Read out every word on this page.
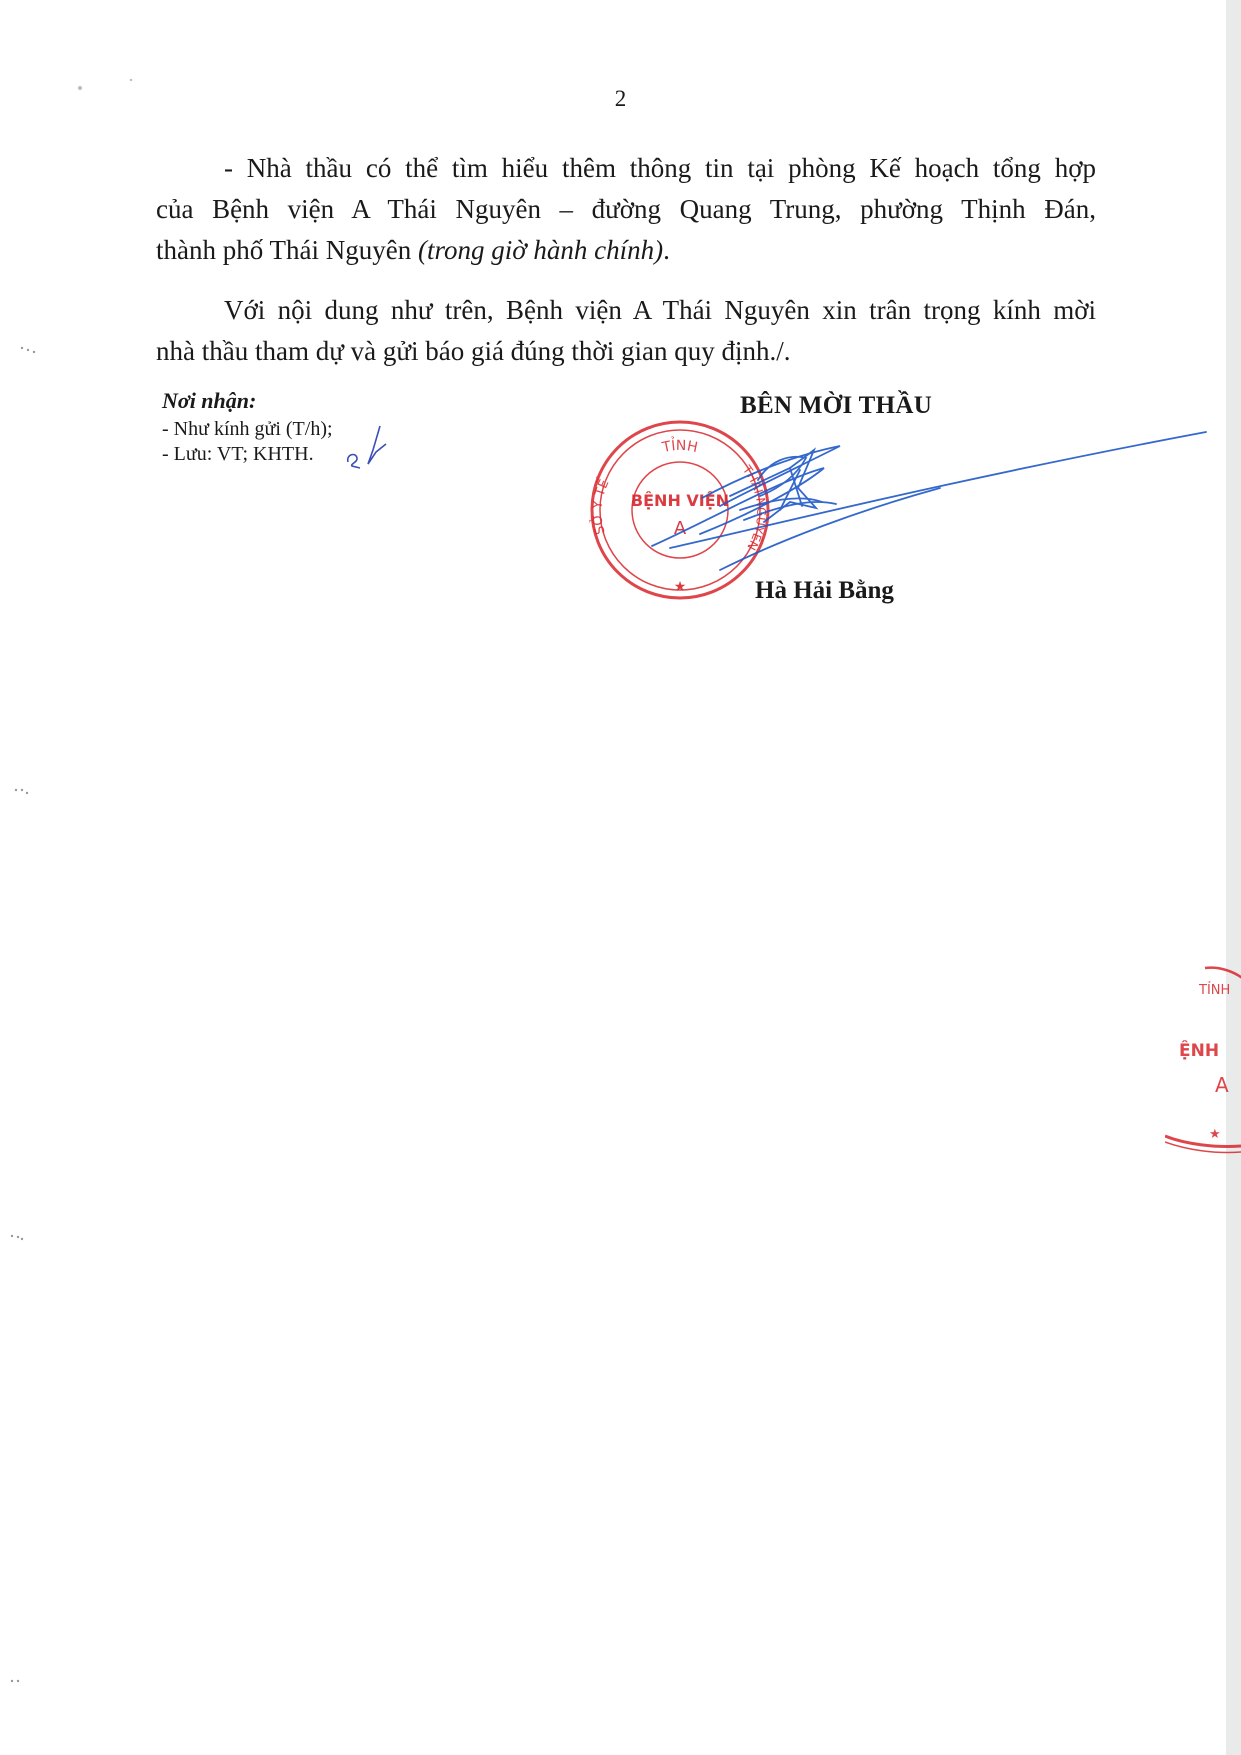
2
- Nhà thầu có thể tìm hiểu thêm thông tin tại phòng Kế hoạch tổng hợp
của Bệnh viện A Thái Nguyên – đường Quang Trung, phường Thịnh Đán,
thành phố Thái Nguyên (trong giờ hành chính).
Với nội dung như trên, Bệnh viện A Thái Nguyên xin trân trọng kính mời
nhà thầu tham dự và gửi báo giá đúng thời gian quy định./.
Nơi nhận:
- Như kính gửi (T/h);
- Lưu: VT; KHTH.
BÊN MỜI THẦU
TỈNH
SỞ Y TẾ
THÁI NGUYÊN
BỆNH VIỆN
A
★	Hà Hải Bằng
TỈNH
ỆNH
A
★
